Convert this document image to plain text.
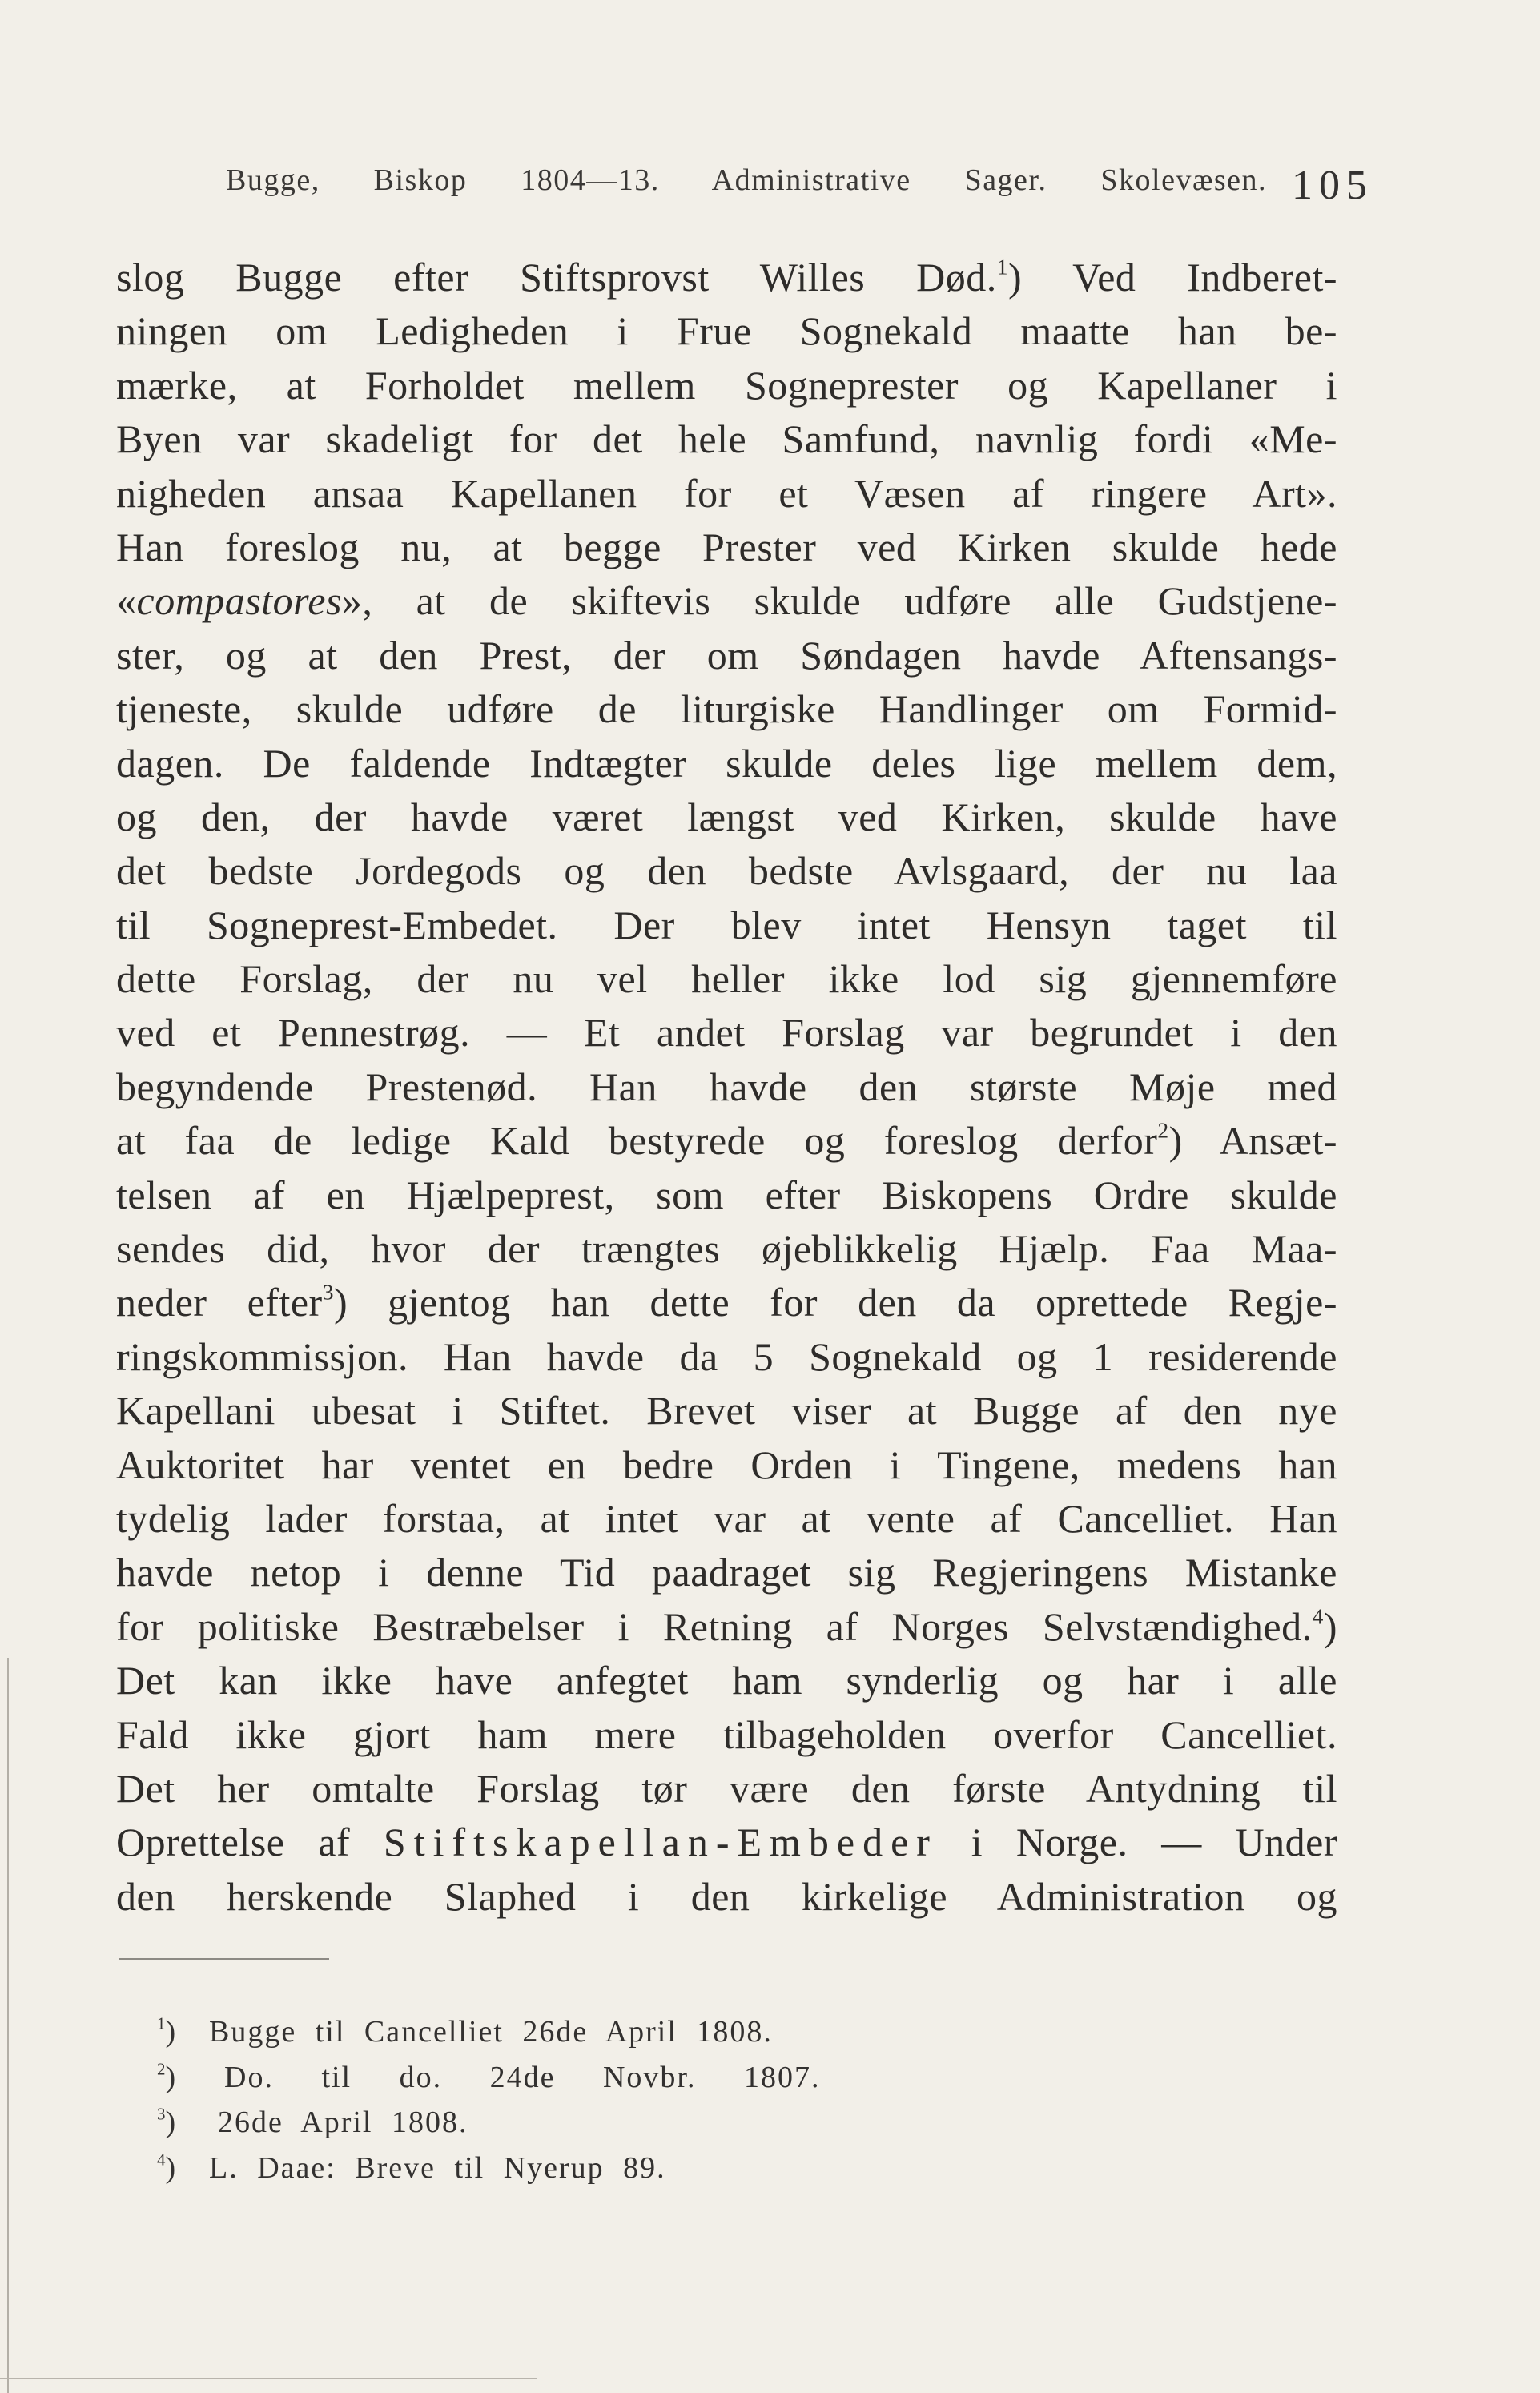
Bugge, Biskop 1804—13. Administrative Sager. Skolevæsen. 105
slog Bugge efter Stiftsprovst Willes Død.$^1$) Ved Indberet-
ningen om Ledigheden i Frue Sognekald maatte han be-
mærke, at Forholdet mellem Sogneprester og Kapellaner i
Byen var skadeligt for det hele Samfund, navnlig fordi «Me-
nigheden ansaa Kapellanen for et Væsen af ringere Art».
Han foreslog nu, at begge Prester ved Kirken skulde hede
«compastores», at de skiftevis skulde udføre alle Gudstjene-
ster, og at den Prest, der om Søndagen havde Aftensangs-
tjeneste, skulde udføre de liturgiske Handlinger om Formid-
dagen. De faldende Indtægter skulde deles lige mellem dem,
og den, der havde været længst ved Kirken, skulde have
det bedste Jordegods og den bedste Avlsgaard, der nu laa
til Sogneprest-Embedet. Der blev intet Hensyn taget til
dette Forslag, der nu vel heller ikke lod sig gjennemføre
ved et Pennestrøg. — Et andet Forslag var begrundet i den
begyndende Prestenød. Han havde den største Møje med
at faa de ledige Kald bestyrede og foreslog derfor$^2$) Ansæt-
telsen af en Hjælpeprest, som efter Biskopens Ordre skulde
sendes did, hvor der trængtes øjeblikkelig Hjælp. Faa Maa-
neder efter$^3$) gjentog han dette for den da oprettede Regje-
ringskommissjon. Han havde da 5 Sognekald og 1 residerende
Kapellani ubesat i Stiftet. Brevet viser at Bugge af den nye
Auktoritet har ventet en bedre Orden i Tingene, medens han
tydelig lader forstaa, at intet var at vente af Cancelliet. Han
havde netop i denne Tid paadraget sig Regjeringens Mistanke
for politiske Bestræbelser i Retning af Norges Selvstændighed.$^4$)
Det kan ikke have anfegtet ham synderlig og har i alle
Fald ikke gjort ham mere tilbageholden overfor Cancelliet.
Det her omtalte Forslag tør være den første Antydning til
Oprettelse af Stiftskapellan-Embeder i Norge. — Under
den herskende Slaphed i den kirkelige Administration og
$^1$)	Bugge til Cancelliet 26de April 1808.
$^2$)	Do. til do. 24de Novbr. 1807.
$^3$)	26de April 1808.
$^4$)	L. Daae: Breve til Nyerup 89.
